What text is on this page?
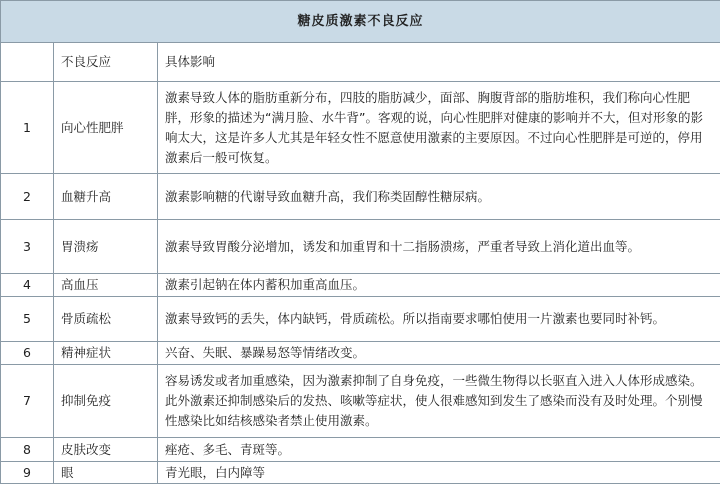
糖皮质激素不良反应		
	不良反应	具体影响
1	向心性肥胖	激素导致人体的脂肪重新分布，四肢的脂肪减少，面部、胸腹背部的脂肪堆积，我们称向心性肥胖，形象的描述为“满月脸、水牛背”。客观的说，向心性肥胖对健康的影响并不大，但对形象的影响太大，这是许多人尤其是年轻女性不愿意使用激素的主要原因。不过向心性肥胖是可逆的，停用激素后一般可恢复。
2	血糖升高	激素影响糖的代谢导致血糖升高，我们称类固醇性糖尿病。
3	胃溃疡	激素导致胃酸分泌增加，诱发和加重胃和十二指肠溃疡，严重者导致上消化道出血等。
4	高血压	激素引起钠在体内蓄积加重高血压。
5	骨质疏松	激素导致钙的丢失，体内缺钙，骨质疏松。所以指南要求哪怕使用一片激素也要同时补钙。
6	精神症状	兴奋、失眠、暴躁易怒等情绪改变。
7	抑制免疫	容易诱发或者加重感染，因为激素抑制了自身免疫，一些微生物得以长驱直入进入人体形成感染。此外激素还抑制感染后的发热、咳嗽等症状，使人很难感知到发生了感染而没有及时处理。个别慢性感染比如结核感染者禁止使用激素。
8	皮肤改变	痤疮、多毛、青斑等。
9	眼	青光眼，白内障等
